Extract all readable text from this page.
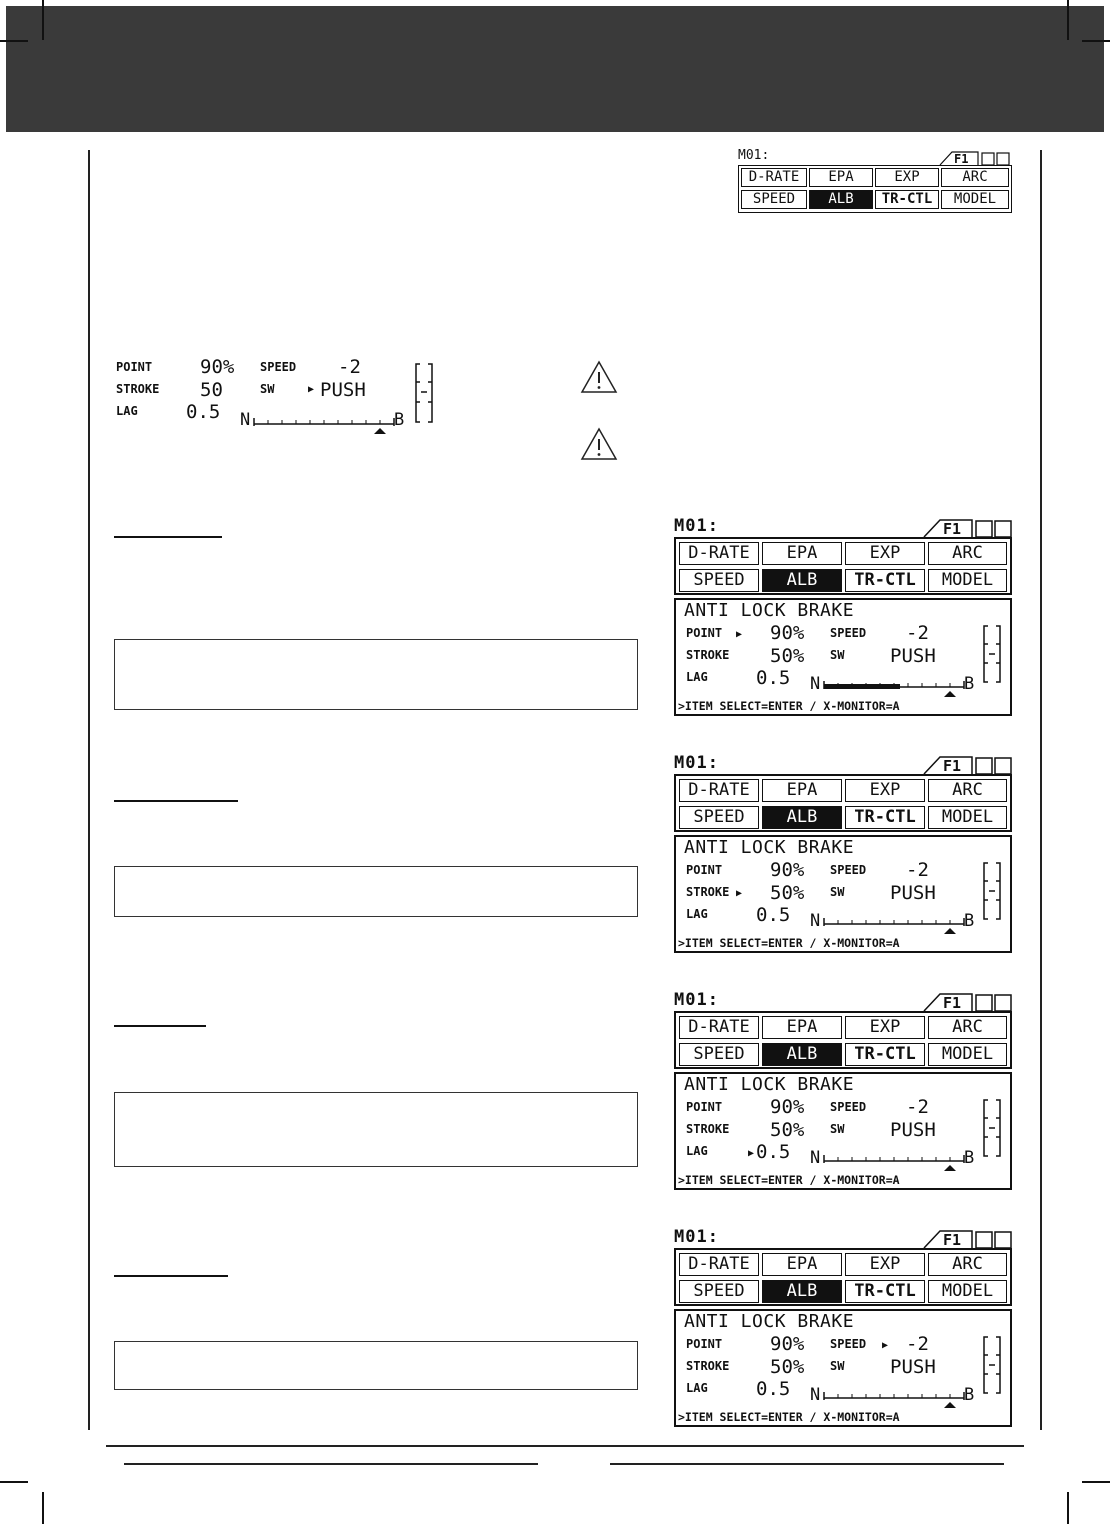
M01:	F1
D-RATE	EPA	EXP	ARC
SPEED	ALB	TR-CTL	MODEL
POINT	90%
STROKE 50
LAG	0.5
SPEED -2
SW	▶ PUSH
N	B
M01:	F1
D-RATE	EPA	EXP	ARC
SPEED	ALB	TR-CTL	MODEL
ANTI LOCK BRAKE
POINT	90%
STROKE 50%
LAG	0.5
SPEED -2
SW PUSH
▶
N	B
>ITEM SELECT=ENTER / X-MONITOR=A
M01:	F1
D-RATE	EPA	EXP	ARC
SPEED	ALB	TR-CTL	MODEL
ANTI LOCK BRAKE
POINT	90%
STROKE 50%
LAG	0.5
SPEED -2
SW PUSH
▶
N	B
>ITEM SELECT=ENTER / X-MONITOR=A
M01:	F1
D-RATE	EPA	EXP	ARC
SPEED	ALB	TR-CTL	MODEL
ANTI LOCK BRAKE
POINT	90%
STROKE 50%
LAG	0.5
SPEED -2
SW PUSH
▶	N	B
>ITEM SELECT=ENTER / X-MONITOR=A
M01:	F1
D-RATE	EPA	EXP	ARC
SPEED	ALB	TR-CTL	MODEL
ANTI LOCK BRAKE
POINT	90%
STROKE 50%
LAG	0.5
SPEED -2
SW PUSH
▶
N	B
>ITEM SELECT=ENTER / X-MONITOR=A
